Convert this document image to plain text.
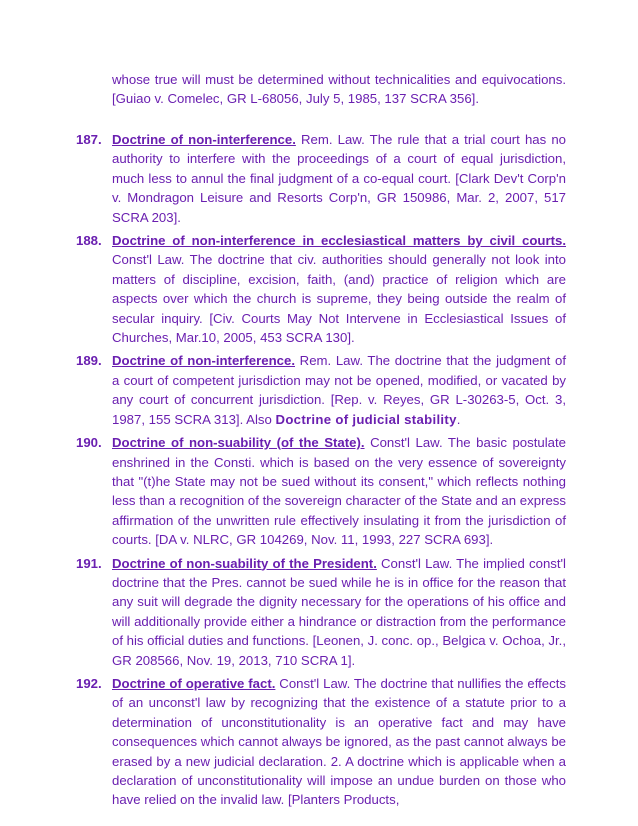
whose true will must be determined without technicalities and equivocations. [Guiao v. Comelec, GR L-68056, July 5, 1985, 137 SCRA 356].
187. Doctrine of non-interference. Rem. Law. The rule that a trial court has no authority to interfere with the proceedings of a court of equal jurisdiction, much less to annul the final judgment of a co-equal court. [Clark Dev't Corp'n v. Mondragon Leisure and Resorts Corp'n, GR 150986, Mar. 2, 2007, 517 SCRA 203].
188. Doctrine of non-interference in ecclesiastical matters by civil courts. Const'l Law. The doctrine that civ. authorities should generally not look into matters of discipline, excision, faith, (and) practice of religion which are aspects over which the church is supreme, they being outside the realm of secular inquiry. [Civ. Courts May Not Intervene in Ecclesiastical Issues of Churches, Mar.10, 2005, 453 SCRA 130].
189. Doctrine of non-interference. Rem. Law. The doctrine that the judgment of a court of competent jurisdiction may not be opened, modified, or vacated by any court of concurrent jurisdiction. [Rep. v. Reyes, GR L-30263-5, Oct. 3, 1987, 155 SCRA 313]. Also Doctrine of judicial stability.
190. Doctrine of non-suability (of the State). Const'l Law. The basic postulate enshrined in the Consti. which is based on the very essence of sovereignty that "(t)he State may not be sued without its consent," which reflects nothing less than a recognition of the sovereign character of the State and an express affirmation of the unwritten rule effectively insulating it from the jurisdiction of courts. [DA v. NLRC, GR 104269, Nov. 11, 1993, 227 SCRA 693].
191. Doctrine of non-suability of the President. Const'l Law. The implied const'l doctrine that the Pres. cannot be sued while he is in office for the reason that any suit will degrade the dignity necessary for the operations of his office and will additionally provide either a hindrance or distraction from the performance of his official duties and functions. [Leonen, J. conc. op., Belgica v. Ochoa, Jr., GR 208566, Nov. 19, 2013, 710 SCRA 1].
192. Doctrine of operative fact. Const'l Law. The doctrine that nullifies the effects of an unconst'l law by recognizing that the existence of a statute prior to a determination of unconstitutionality is an operative fact and may have consequences which cannot always be ignored, as the past cannot always be erased by a new judicial declaration. 2. A doctrine which is applicable when a declaration of unconstitutionality will impose an undue burden on those who have relied on the invalid law. [Planters Products,
